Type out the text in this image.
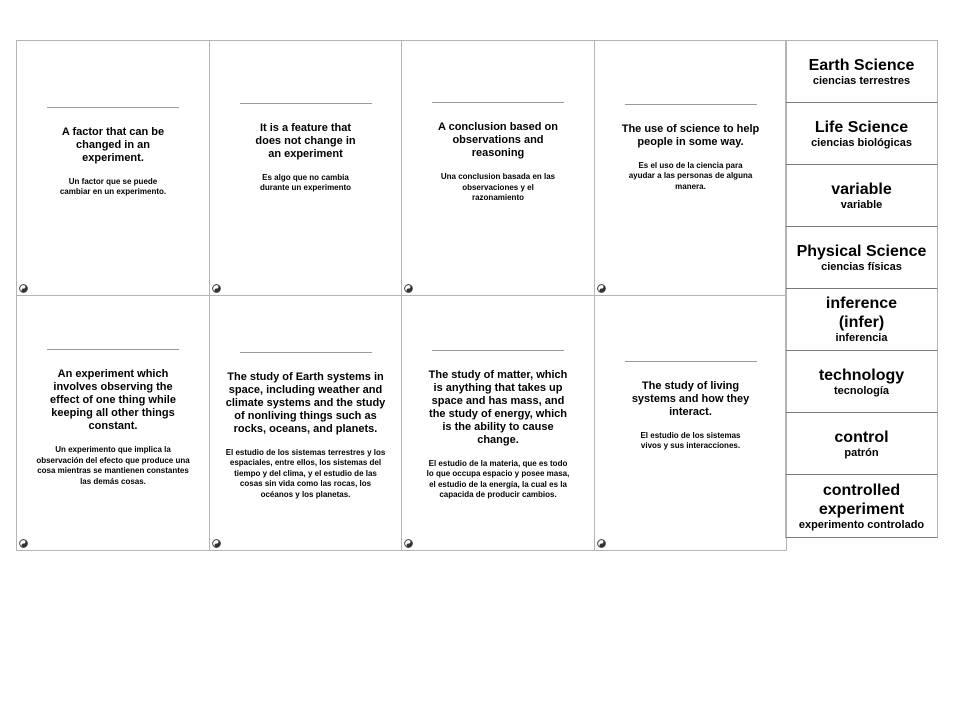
A factor that can be changed in an experiment.

Un factor que se puede cambiar en un experimento.

It is a feature that does not change in an experiment

Es algo que no cambia durante un experimento

A conclusion based on observations and reasoning

Una conclusion basada en las observaciones y el razonamiento

The use of science to help people in some way.

Es el uso de la ciencia para ayudar a las personas de alguna manera.

An experiment which involves observing the effect of one thing while keeping all other things constant.

Un experimento que implica la observación del efecto que produce una cosa mientras se mantienen constantes las demás cosas.

The study of Earth systems in space, including weather and climate systems and the study of nonliving things such as rocks, oceans, and planets.

El estudio de los sistemas terrestres y los espaciales, entre ellos, los sistemas del tiempo y del clima, y el estudio de las cosas sin vida como las rocas, los océanos y los planetas.

The study of matter, which is anything that takes up space and has mass, and the study of energy, which is the ability to cause change.

El estudio de la materia, que es todo lo que occupa espacio y posee masa, el estudio de la energía, la cual es la capacida de producir cambios.

The study of living systems and how they interact.

El estudio de los sistemas vivos y sus interacciones.

Earth Science
ciencias terrestres
Life Science
ciencias biológicas
variable
variable
Physical Science
ciencias físicas
inference
(infer)
inferencia
technology
tecnología
control
patrón
controlled experiment
experimento controlado
